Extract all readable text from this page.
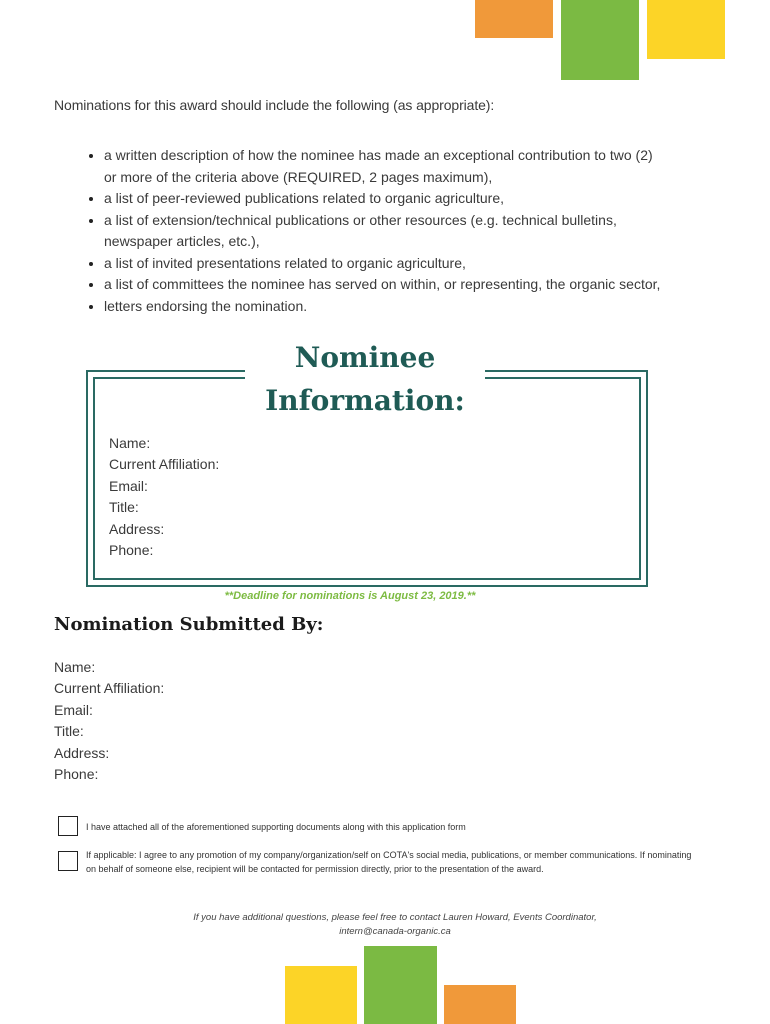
Nominations for this award should include the following (as appropriate):
• a written description of how the nominee has made an exceptional contribution to two (2) or more of the criteria above (REQUIRED, 2 pages maximum),
• a list of peer-reviewed publications related to organic agriculture,
• a list of extension/technical publications or other resources (e.g. technical bulletins, newspaper articles, etc.),
• a list of invited presentations related to organic agriculture,
• a list of committees the nominee has served on within, or representing, the organic sector,
• letters endorsing the nomination.
Nominee
Information:
Name:
Current Affiliation:
Email:
Title:
Address:
Phone:
**Deadline for nominations is August 23, 2019.**
Nomination Submitted By:
Name:
Current Affiliation:
Email:
Title:
Address:
Phone:
I have attached all of the aforementioned supporting documents along with this application form
If applicable: I agree to any promotion of my company/organization/self on COTA's social media, publications, or member communications. If nominating on behalf of someone else, recipient will be contacted for permission directly, prior to the presentation of the award.
If you have additional questions, please feel free to contact Lauren Howard, Events Coordinator,
intern@canada-organic.ca
